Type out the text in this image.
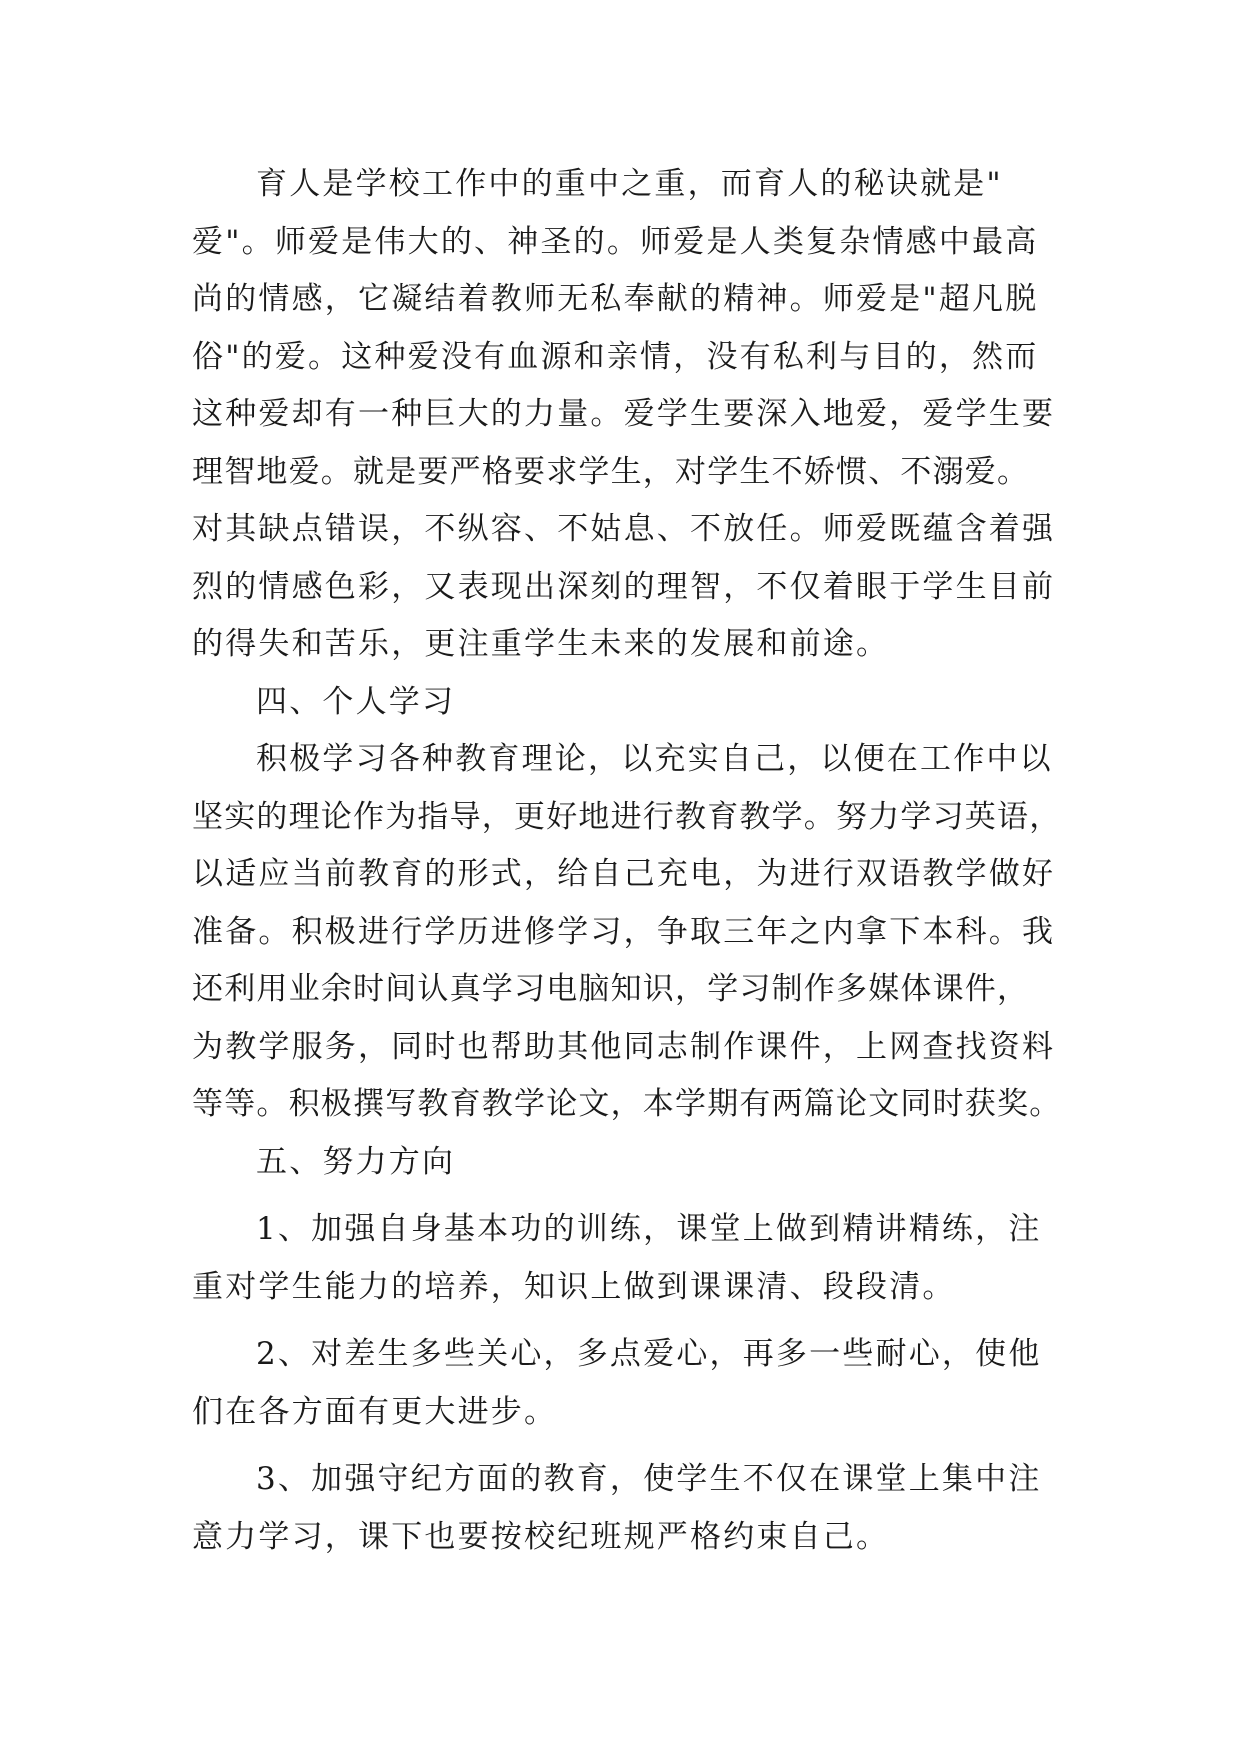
育人是学校工作中的重中之重，而育人的秘诀就是"
爱"。师爱是伟大的、神圣的。师爱是人类复杂情感中最高
尚的情感，它凝结着教师无私奉献的精神。师爱是"超凡脱
俗"的爱。这种爱没有血源和亲情，没有私利与目的，然而
这种爱却有一种巨大的力量。爱学生要深入地爱，爱学生要
理智地爱。就是要严格要求学生，对学生不娇惯、不溺爱。
对其缺点错误，不纵容、不姑息、不放任。师爱既蕴含着强
烈的情感色彩，又表现出深刻的理智，不仅着眼于学生目前
的得失和苦乐，更注重学生未来的发展和前途。
四、个人学习
积极学习各种教育理论，以充实自己，以便在工作中以
坚实的理论作为指导，更好地进行教育教学。努力学习英语，
以适应当前教育的形式，给自己充电，为进行双语教学做好
准备。积极进行学历进修学习，争取三年之内拿下本科。我
还利用业余时间认真学习电脑知识，学习制作多媒体课件，
为教学服务，同时也帮助其他同志制作课件，上网查找资料
等等。积极撰写教育教学论文，本学期有两篇论文同时获奖。
五、努力方向
1、加强自身基本功的训练，课堂上做到精讲精练，注
重对学生能力的培养，知识上做到课课清、段段清。
2、对差生多些关心，多点爱心，再多一些耐心，使他
们在各方面有更大进步。
3、加强守纪方面的教育，使学生不仅在课堂上集中注
意力学习，课下也要按校纪班规严格约束自己。
